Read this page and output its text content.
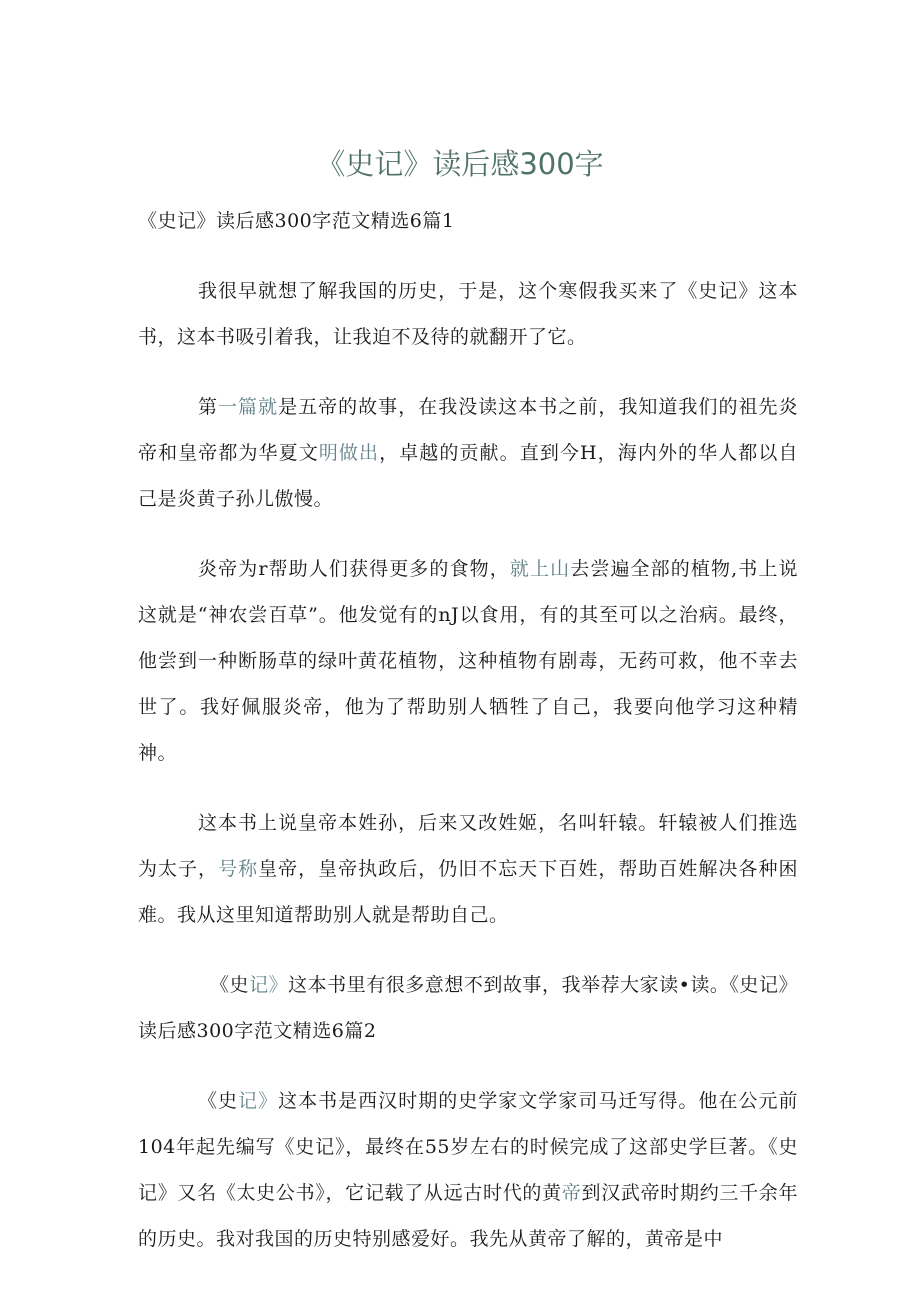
《史记》读后感300字

《史记》读后感300字范文精选6篇1

我很早就想了解我国的历史，于是，这个寒假我买来了《史记》这本书，这本书吸引着我，让我迫不及待的就翻开了它。

第一篇就是五帝的故事，在我没读这本书之前，我知道我们的祖先炎帝和皇帝都为华夏文明做出，卓越的贡献。直到今H，海内外的华人都以自己是炎黄子孙儿傲慢。

炎帝为r帮助人们获得更多的食物，就上山去尝遍全部的植物,书上说这就是“神农尝百草”。他发觉有的nJ以食用，有的其至可以之治病。最终，他尝到一种断肠草的绿叶黄花植物，这种植物有剧毒，无药可救，他不幸去世了。我好佩服炎帝，他为了帮助别人牺牲了自己，我要向他学习这种精神。

这本书上说皇帝本姓孙，后来又改姓姬，名叫轩辕。轩辕被人们推选为太子，号称皇帝，皇帝执政后，仍旧不忘天下百姓，帮助百姓解决各种困难。我从这里知道帮助别人就是帮助自己。

《史记》这本书里有很多意想不到故事，我举荐大家读•读。《史记》读后感300字范文精选6篇2

《史记》这本书是西汉时期的史学家文学家司马迁写得。他在公元前104年起先编写《史记》，最终在55岁左右的时候完成了这部史学巨著。《史记》又名《太史公书》，它记载了从远古时代的黄帝到汉武帝时期约三千余年的历史。我对我国的历史特别感爱好。我先从黄帝了解的，黄帝是中
